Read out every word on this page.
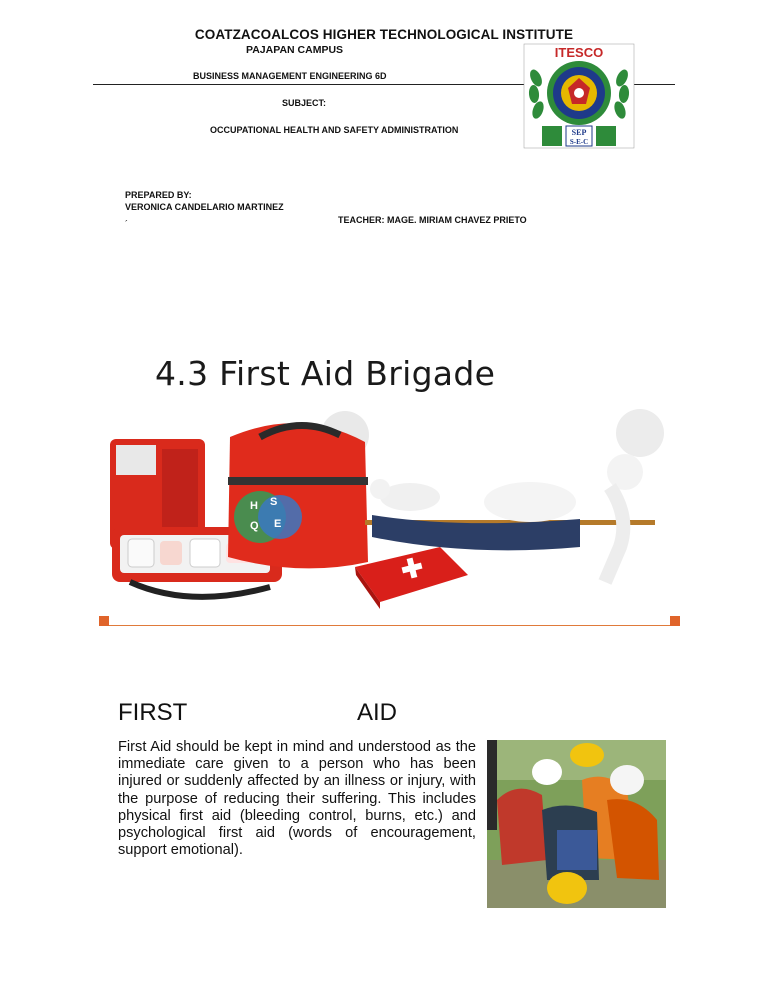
COATZACOALCOS HIGHER TECHNOLOGICAL INSTITUTE
PAJAPAN CAMPUS
BUSINESS MANAGEMENT ENGINEERING 6D
SUBJECT:
OCCUPATIONAL HEALTH AND SAFETY ADMINISTRATION
PREPARED BY:
VERONICA CANDELARIO MARTINEZ
´	TEACHER: MAGE. MIRIAM CHAVEZ PRIETO
ITESCO
SEP
S-E-C
4.3 First Aid Brigade
H S
Q E
FIRST	AID
First Aid should be kept in mind and understood as the immediate care given to a person who has been injured or suddenly affected by an illness or injury, with the purpose of reducing their suffering. This includes physical first aid (bleeding control, burns, etc.) and psychological first aid (words of encouragement, support emotional).
